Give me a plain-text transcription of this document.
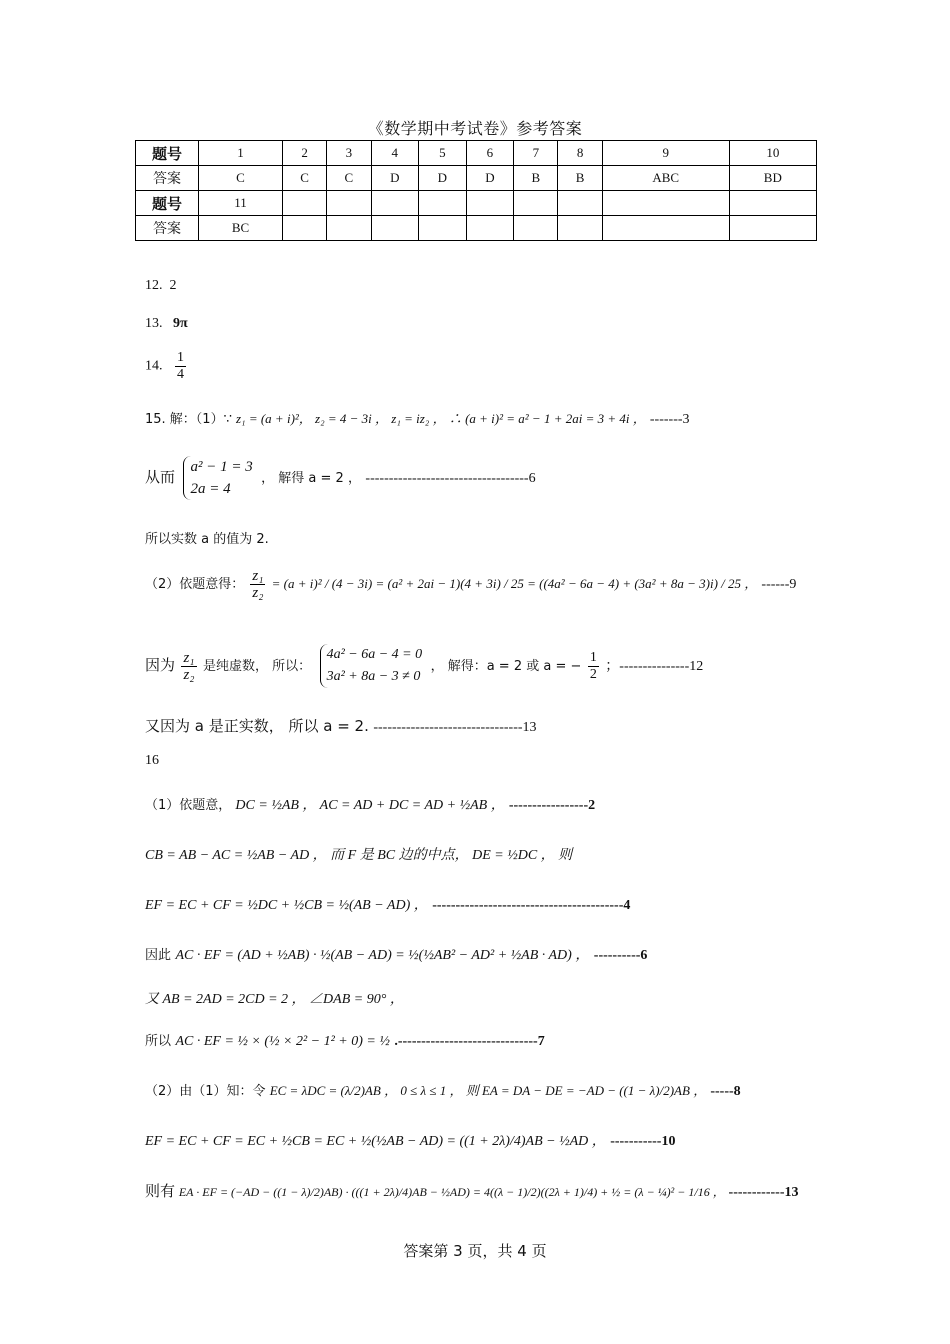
《数学期中考试卷》参考答案
题号	1	2	3	4	5	6	7	8	9	10
答案	C	C	C	D	D	D	B	B	ABC	BD
题号	11									
答案	BC									
12. 2
13. 9π
14. $\frac{1}{4}$
15. 解：（1）∵ z₁ = (a + i)²， z₂ = 4 − 3i ， z₁ = iz₂ ， ∴ (a + i)² = a² − 1 + 2ai = 3 + 4i ， -------3
从而
a² − 1 = 3
2a = 4
， 解得 a = 2 ， -----------------------------------6
所以实数 a 的值为 2.
（2）依题意得： $\frac{\text{z₁}}{\text{z₂}} = (a + i)^2 / (4 - 3i) = (a^2 + 2ai - 1)(4 + 3i) / 25 = ((4a^2 - 6a - 4) + (3a^2 + 8a - 3)i) / 25$ ， ------9
因为 $\frac{\text{z₁}}{\text{z₂}}$ 是纯虚数， 所以：
4a² − 6a − 4 = 0
3a² + 8a − 3 ≠ 0
， 解得：a = 2 或 a = − $\frac{1}{2}$ ；---------------12
又因为 a 是正实数， 所以 a = 2. --------------------------------13
16
（1）依题意， DC = ½AB ， AC = AD + DC = AD + ½AB ， -----------------2
CB = AB − AC = ½AB − AD ， 而 F 是 BC 边的中点， DE = ½DC ， 则
EF = EC + CF = ½DC + ½CB = ½(AB − AD) ， -----------------------------------------4
因此 AC · EF = (AD + ½AB) · ½(AB − AD) = ½(½AB² − AD² + ½AB · AD) ， ----------6
又 AB = 2AD = 2CD = 2 ， ∠DAB = 90° ，
所以 AC · EF = ½ × (½ × 2² − 1² + 0) = ½ .------------------------------7
（2）由（1）知：令 EC = λDC = (λ/2)AB ， 0 ≤ λ ≤ 1 ， 则 EA = DA − DE = −AD − ((1 − λ)/2)AB ， -----8
EF = EC + CF = EC + ½CB = EC + ½(½AB − AD) = ((1 + 2λ)/4)AB − ½AD ， -----------10
则有 EA · EF = (−AD − ((1 − λ)/2)AB) · (((1 + 2λ)/4)AB − ½AD) = 4((λ − 1)/2)((2λ + 1)/4) + ½ = (λ − ¼)² − 1/16 ， ------------13
答案第 3 页，共 4 页
